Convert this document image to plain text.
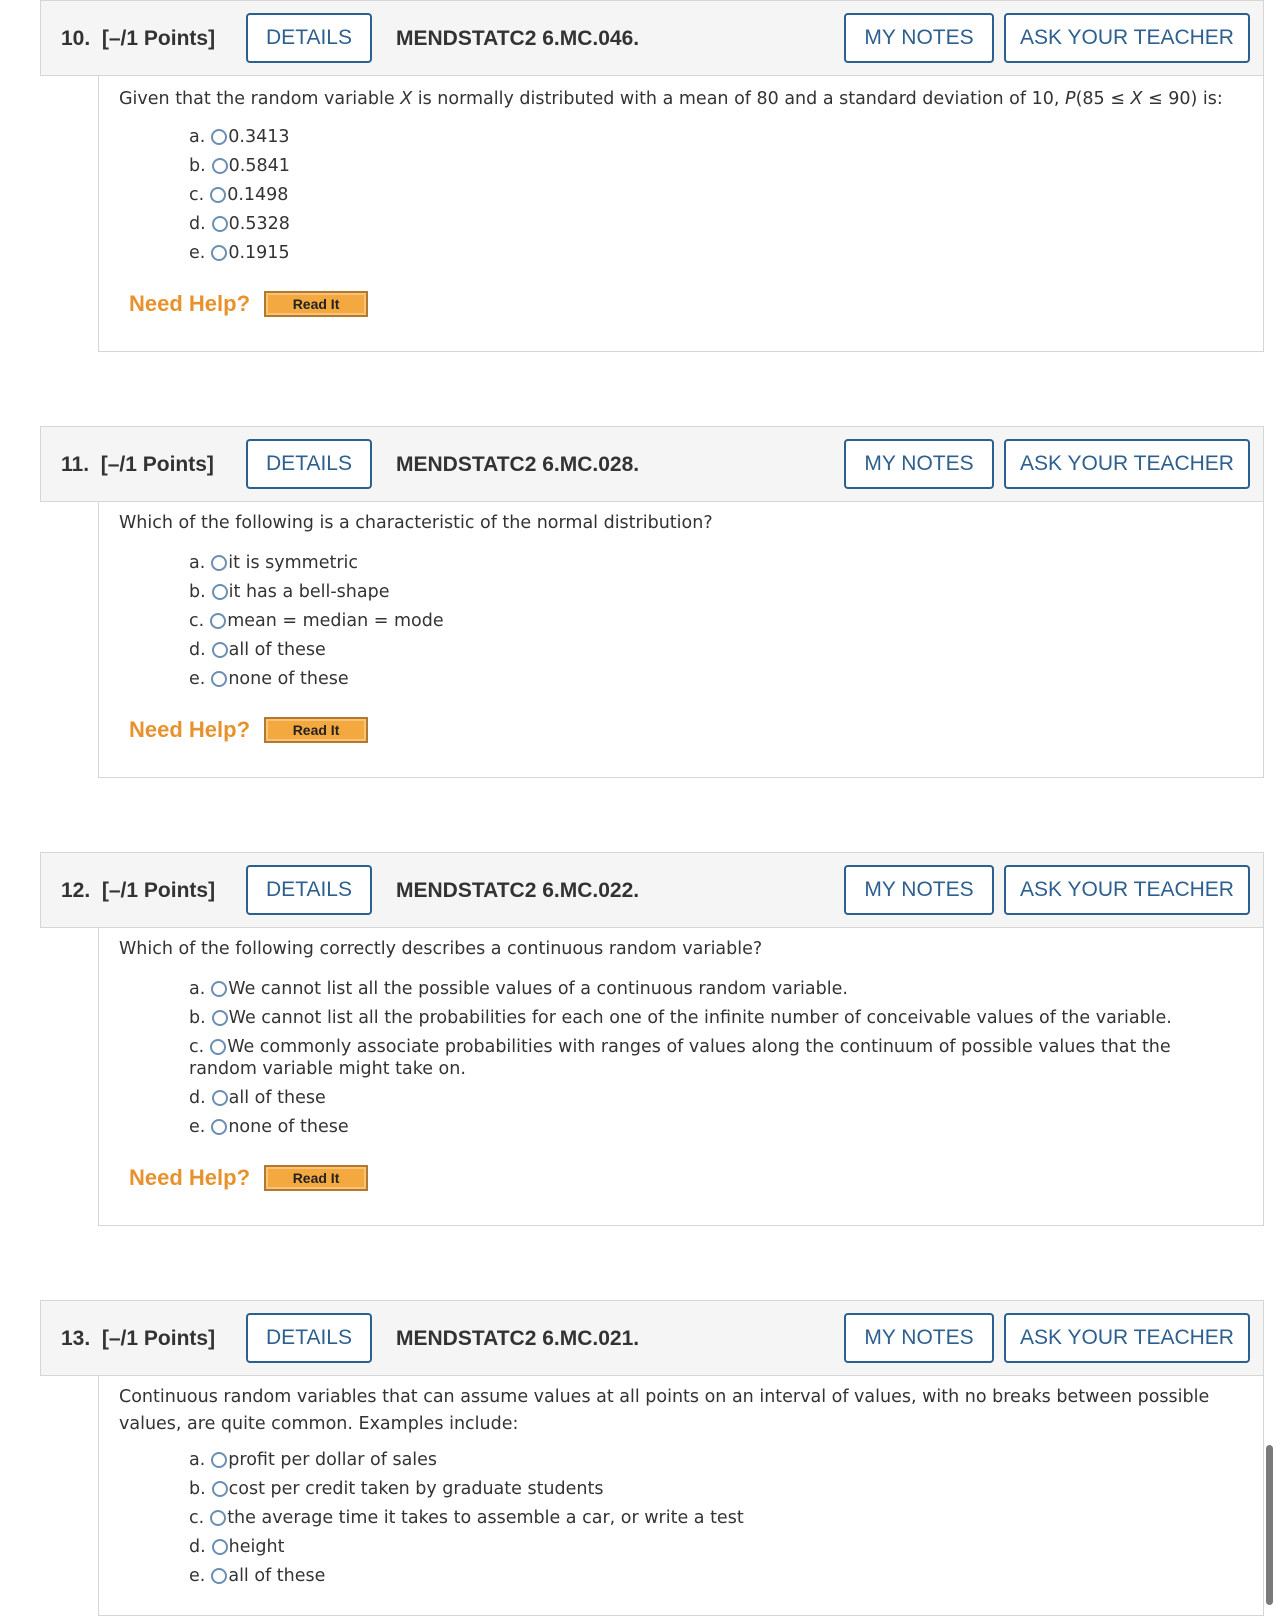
10. [–/1 Points]	DETAILS	MENDSTATC2 6.MC.046.	MY NOTES	ASK YOUR TEACHER
Given that the random variable X is normally distributed with a mean of 80 and a standard deviation of 10, P(85 ≤ X ≤ 90) is:
a. 0.3413
b. 0.5841
c. 0.1498
d. 0.5328
e. 0.1915
Need Help?	Read It
11. [–/1 Points]	DETAILS	MENDSTATC2 6.MC.028.	MY NOTES	ASK YOUR TEACHER
Which of the following is a characteristic of the normal distribution?
a. it is symmetric
b. it has a bell-shape
c. mean = median = mode
d. all of these
e. none of these
Need Help?	Read It
12. [–/1 Points]	DETAILS	MENDSTATC2 6.MC.022.	MY NOTES	ASK YOUR TEACHER
Which of the following correctly describes a continuous random variable?
a. We cannot list all the possible values of a continuous random variable.
b. We cannot list all the probabilities for each one of the infinite number of conceivable values of the variable.
c. We commonly associate probabilities with ranges of values along the continuum of possible values that the random variable might take on.
d. all of these
e. none of these
Need Help?	Read It
13. [–/1 Points]	DETAILS	MENDSTATC2 6.MC.021.	MY NOTES	ASK YOUR TEACHER
Continuous random variables that can assume values at all points on an interval of values, with no breaks between possible values, are quite common. Examples include:
a. profit per dollar of sales
b. cost per credit taken by graduate students
c. the average time it takes to assemble a car, or write a test
d. height
e. all of these
